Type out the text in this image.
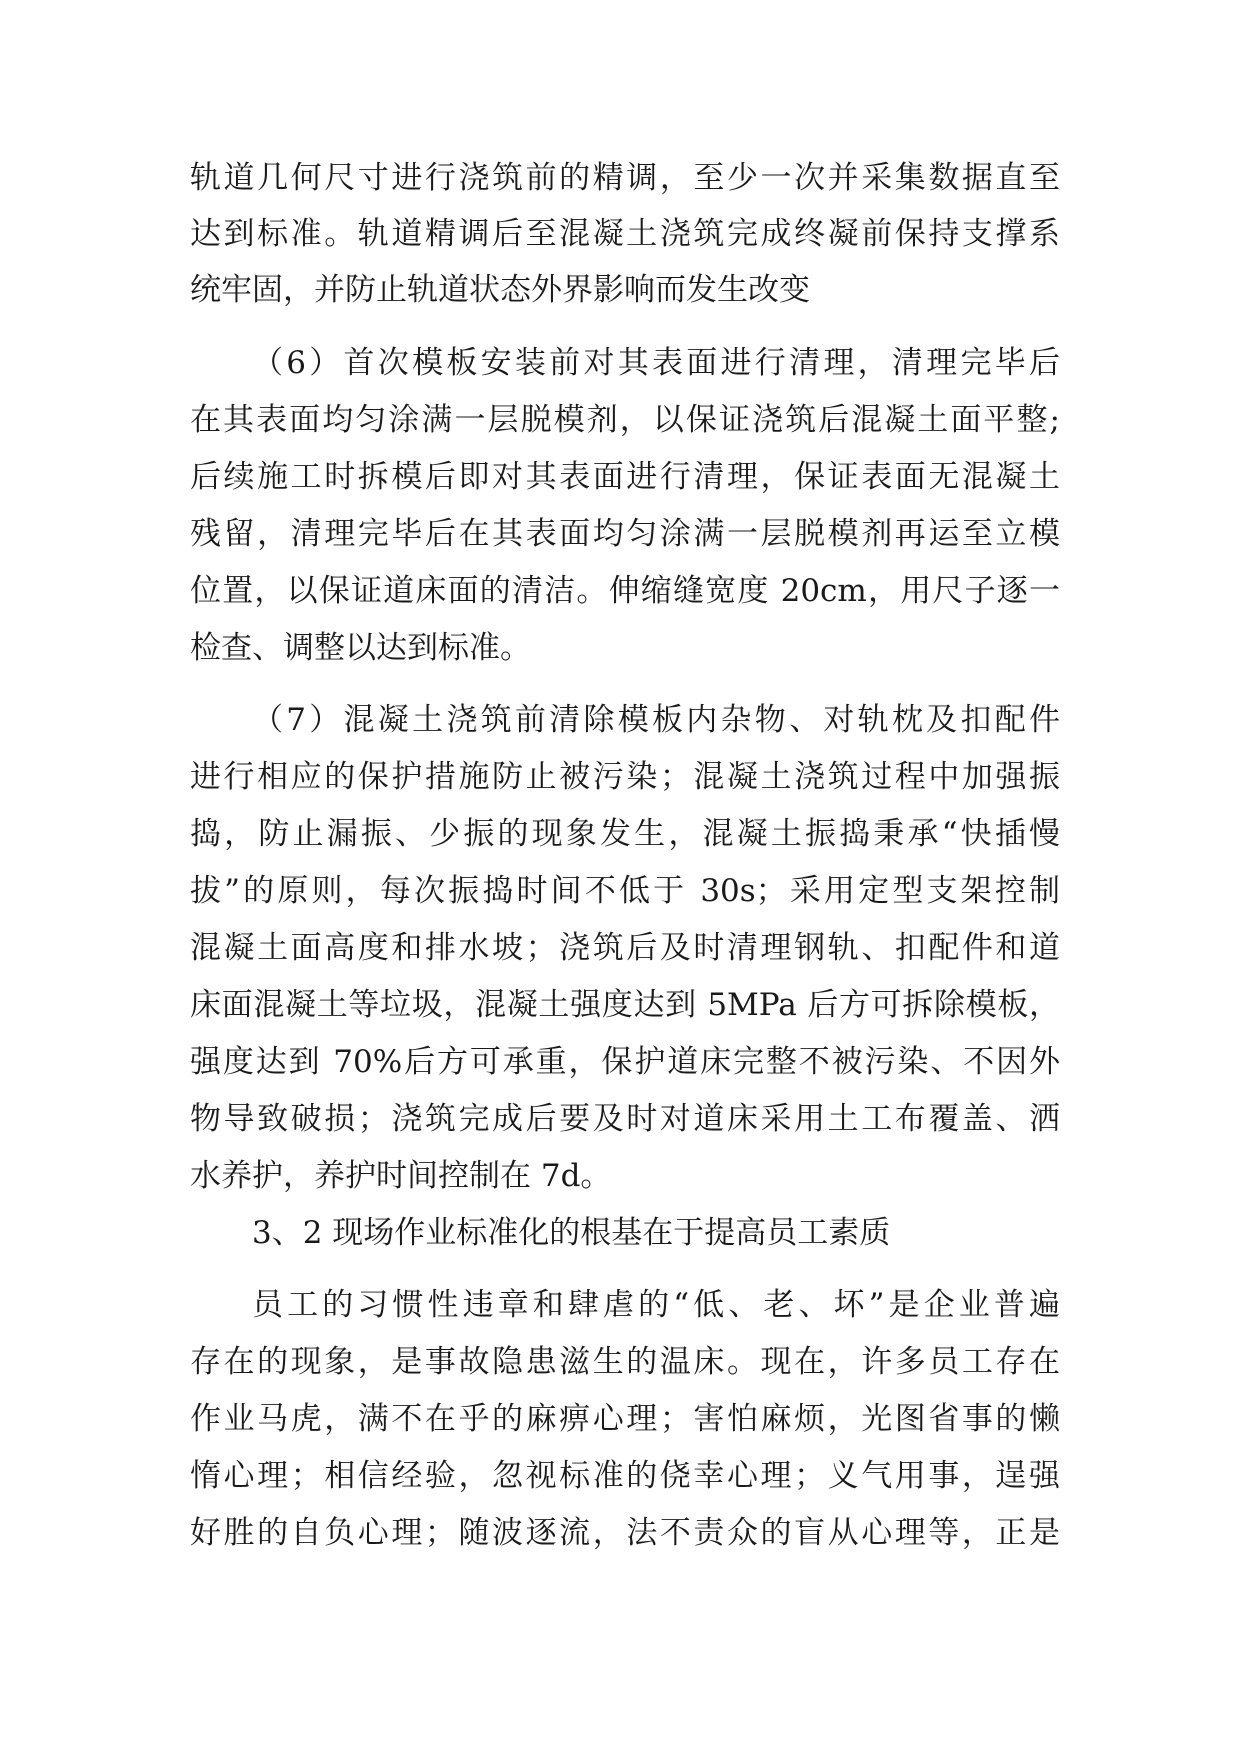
轨道几何尺寸进行浇筑前的精调，至少一次并采集数据直至
达到标准。轨道精调后至混凝土浇筑完成终凝前保持支撑系
统牢固，并防止轨道状态外界影响而发生改变
（6）首次模板安装前对其表面进行清理，清理完毕后
在其表面均匀涂满一层脱模剂，以保证浇筑后混凝土面平整;
后续施工时拆模后即对其表面进行清理，保证表面无混凝土
残留，清理完毕后在其表面均匀涂满一层脱模剂再运至立模
位置，以保证道床面的清洁。伸缩缝宽度 20cm，用尺子逐一
检查、调整以达到标准。
（7）混凝土浇筑前清除模板内杂物、对轨枕及扣配件
进行相应的保护措施防止被污染；混凝土浇筑过程中加强振
捣，防止漏振、少振的现象发生，混凝土振捣秉承“快插慢
拔”的原则，每次振捣时间不低于 30s；采用定型支架控制
混凝土面高度和排水坡；浇筑后及时清理钢轨、扣配件和道
床面混凝土等垃圾，混凝土强度达到 5MPa 后方可拆除模板，
强度达到 70%后方可承重，保护道床完整不被污染、不因外
物导致破损；浇筑完成后要及时对道床采用土工布覆盖、洒
水养护，养护时间控制在 7d。
3、2 现场作业标准化的根基在于提高员工素质
员工的习惯性违章和肆虐的“低、老、坏”是企业普遍
存在的现象，是事故隐患滋生的温床。现在，许多员工存在
作业马虎，满不在乎的麻痹心理；害怕麻烦，光图省事的懒
惰心理；相信经验，忽视标准的侥幸心理；义气用事，逞强
好胜的自负心理；随波逐流，法不责众的盲从心理等，正是
